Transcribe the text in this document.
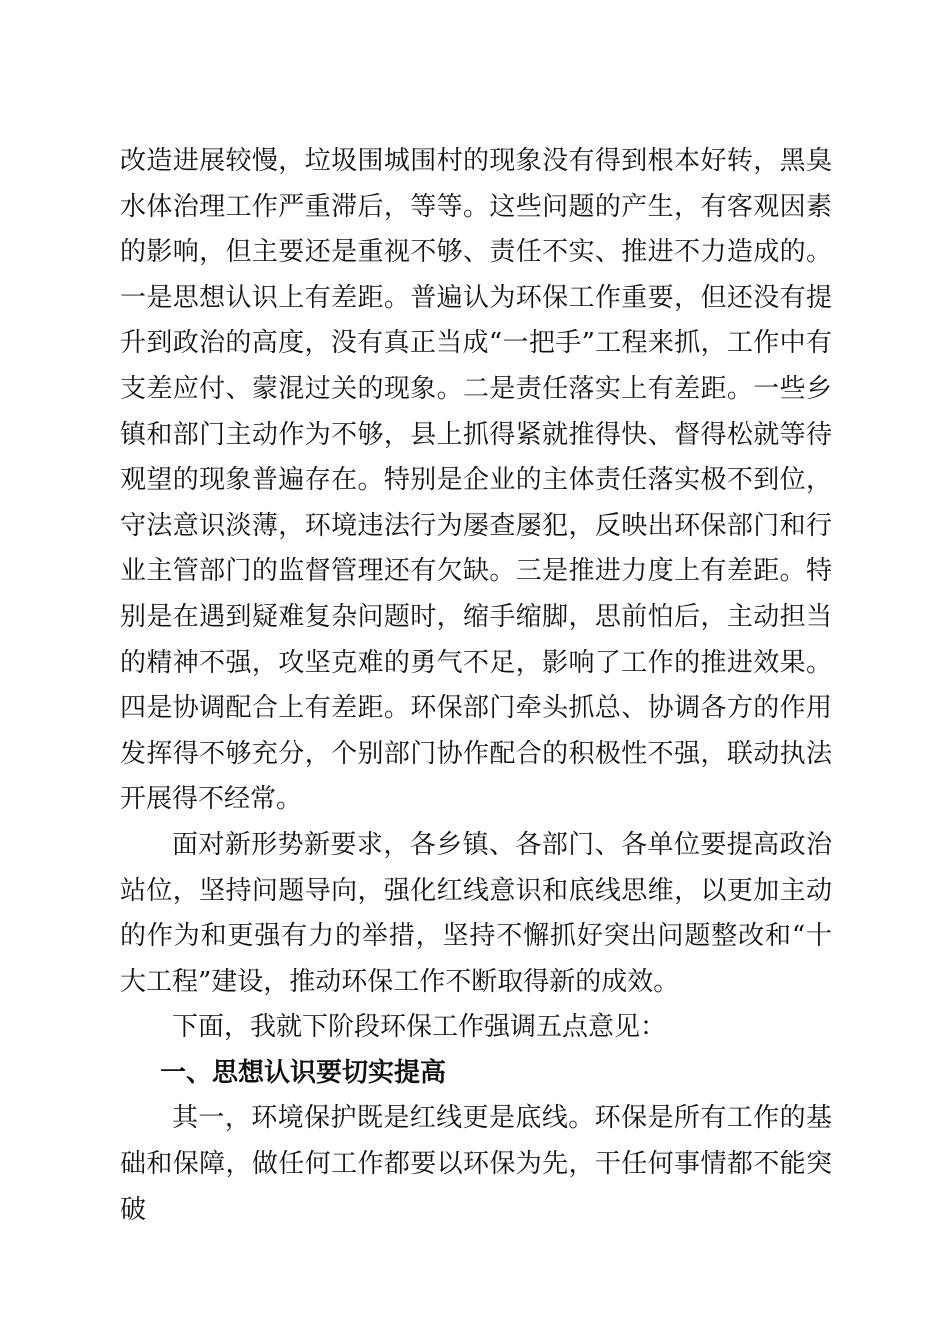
改造进展较慢，垃圾围城围村的现象没有得到根本好转，黑臭水体治理工作严重滞后，等等。这些问题的产生，有客观因素的影响，但主要还是重视不够、责任不实、推进不力造成的。一是思想认识上有差距。普遍认为环保工作重要，但还没有提升到政治的高度，没有真正当成“一把手”工程来抓，工作中有支差应付、蒙混过关的现象。二是责任落实上有差距。一些乡镇和部门主动作为不够，县上抓得紧就推得快、督得松就等待观望的现象普遍存在。特别是企业的主体责任落实极不到位，守法意识淡薄，环境违法行为屡查屡犯，反映出环保部门和行业主管部门的监督管理还有欠缺。三是推进力度上有差距。特别是在遇到疑难复杂问题时，缩手缩脚，思前怕后，主动担当的精神不强，攻坚克难的勇气不足，影响了工作的推进效果。四是协调配合上有差距。环保部门牵头抓总、协调各方的作用发挥得不够充分，个别部门协作配合的积极性不强，联动执法开展得不经常。

面对新形势新要求，各乡镇、各部门、各单位要提高政治站位，坚持问题导向，强化红线意识和底线思维，以更加主动的作为和更强有力的举措，坚持不懈抓好突出问题整改和“十大工程”建设，推动环保工作不断取得新的成效。

下面，我就下阶段环保工作强调五点意见：

一、思想认识要切实提高

其一，环境保护既是红线更是底线。环保是所有工作的基础和保障，做任何工作都要以环保为先，干任何事情都不能突破
